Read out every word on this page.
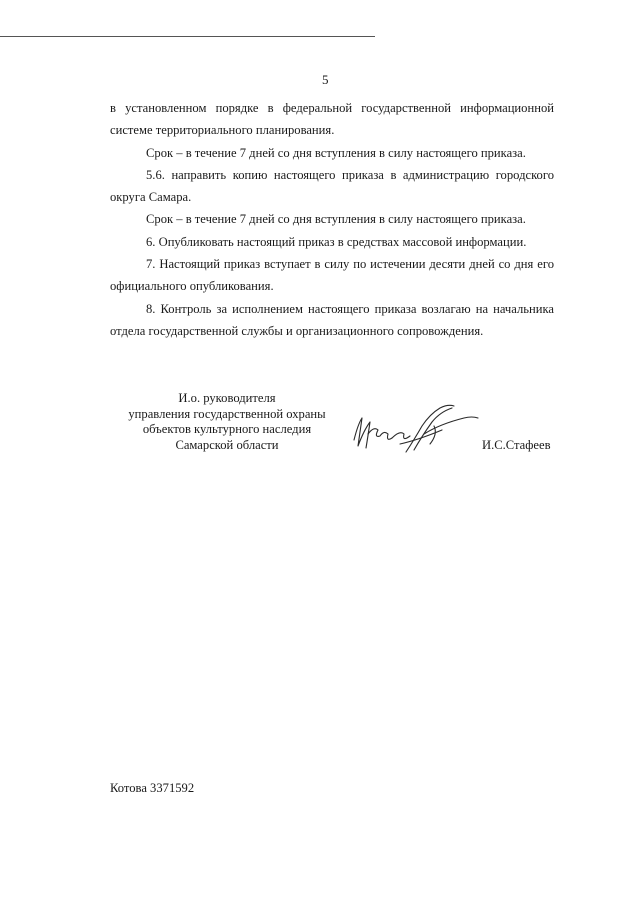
5

в установленном порядке в федеральной государственной информационной системе территориального планирования.

Срок – в течение 7 дней со дня вступления в силу настоящего приказа.

5.6. направить копию настоящего приказа в администрацию городского округа Самара.

Срок – в течение 7 дней со дня вступления в силу настоящего приказа.

6. Опубликовать настоящий приказ в средствах массовой информации.

7. Настоящий приказ вступает в силу по истечении десяти дней со дня его официального опубликования.

8. Контроль за исполнением настоящего приказа возлагаю на начальника отдела государственной службы и организационного сопровождения.

И.о. руководителя
управления государственной охраны
объектов культурного наследия
Самарской области	И.С.Стафеев
Котова 3371592
